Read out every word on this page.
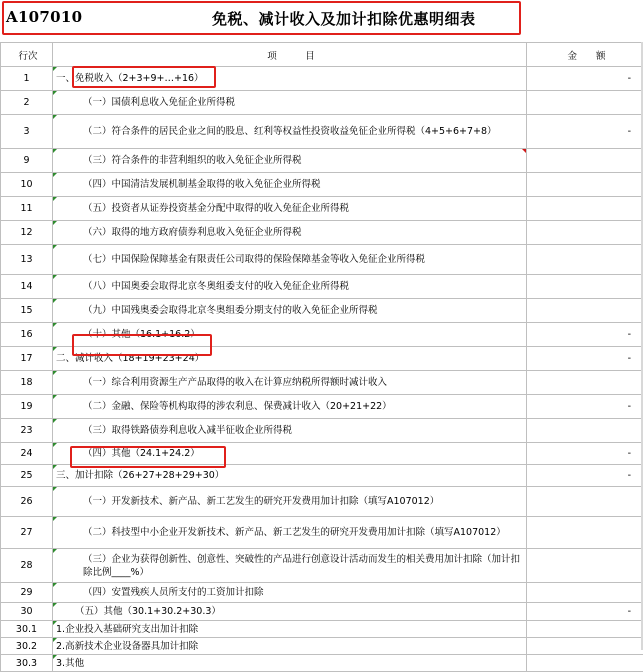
A107010	免税、减计收入及加计扣除优惠明细表
行次	项　　　目	金　　额
1	一、免税收入（2+3+9+…+16）	-
2	（一）国债利息收入免征企业所得税	
3	（二）符合条件的居民企业之间的股息、红利等权益性投资收益免征企业所得税（4+5+6+7+8）	-
9	（三）符合条件的非营利组织的收入免征企业所得税	
10	（四）中国清洁发展机制基金取得的收入免征企业所得税	
11	（五）投资者从证券投资基金分配中取得的收入免征企业所得税	
12	（六）取得的地方政府债券利息收入免征企业所得税	
13	（七）中国保险保障基金有限责任公司取得的保险保障基金等收入免征企业所得税	
14	（八）中国奥委会取得北京冬奥组委支付的收入免征企业所得税	
15	（九）中国残奥委会取得北京冬奥组委分期支付的收入免征企业所得税	
16	（十）其他（16.1+16.2）	-
17	二、减计收入（18+19+23+24）	-
18	（一）综合利用资源生产产品取得的收入在计算应纳税所得额时减计收入	
19	（二）金融、保险等机构取得的涉农利息、保费减计收入（20+21+22）	-
23	（三）取得铁路债券利息收入减半征收企业所得税	
24	（四）其他（24.1+24.2）	-
25	三、加计扣除（26+27+28+29+30）	-
26	（一）开发新技术、新产品、新工艺发生的研究开发费用加计扣除（填写A107012）	
27	（二）科技型中小企业开发新技术、新产品、新工艺发生的研究开发费用加计扣除（填写A107012）	

28	（三）企业为获得创新性、创意性、突破性的产品进行创意设计活动而发生的相关费用加计扣除（加计扣除比例____%）	

29	（四）安置残疾人员所支付的工资加计扣除	
30	（五）其他（30.1+30.2+30.3）	-
30.1	1.企业投入基础研究支出加计扣除	
30.2	2.高新技术企业设备器具加计扣除	
30.3	3.其他	
